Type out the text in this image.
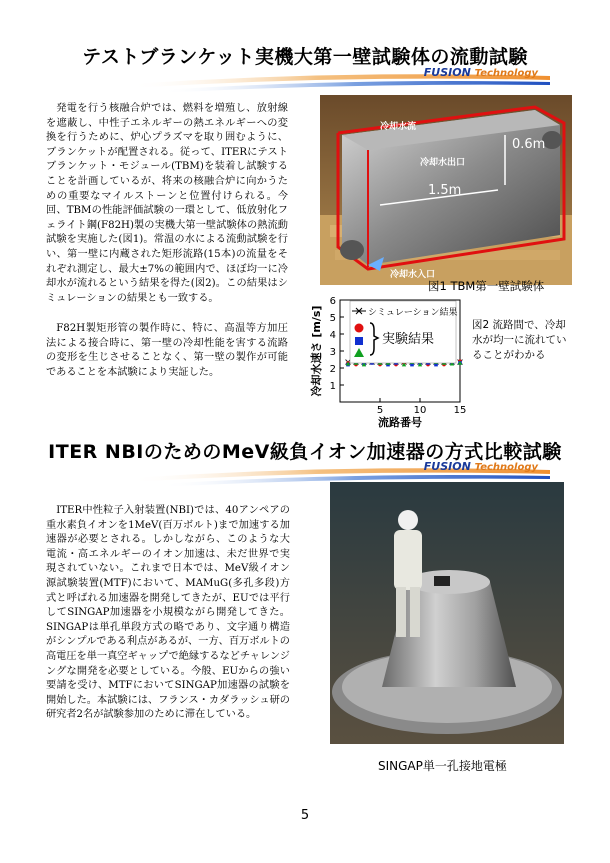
テストブランケット実機大第一壁試験体の流動試験
FUSION Technology

発電を行う核融合炉では、燃料を増殖し、放射線を遮蔽し、中性子エネルギーの熱エネルギーへの変換を行うために、炉心プラズマを取り囲むように、ブランケットが配置される。従って、ITERにテストブランケット・モジュール(TBM)を装着し試験することを計画しているが、将来の核融合炉に向かうための重要なマイルストーンと位置付けられる。今回、TBMの性能評価試験の一環として、低放射化フェライト鋼(F82H)製の実機大第一壁試験体の熱流動試験を実施した(図1)。常温の水による流動試験を行い、第一壁に内蔵された矩形流路(15本)の流量をそれぞれ測定し、最大±7%の範囲内で、ほぼ均一に冷却水が流れるという結果を得た(図2)。この結果はシミュレーションの結果とも一致する。

F82H製矩形管の製作時に、特に、高温等方加圧法による接合時に、第一壁の冷却性能を害する流路の変形を生じさせることなく、第一壁の製作が可能であることを本試験により実証した。

冷却水流
冷却水出口
冷却水入口
0.6m
1.5m
図1 TBM第一壁試験体
1
2
3
4
5
6
5	10	15
流路番号
冷却水速さ [m/s]	シミュレーション結果
実験結果
図2 流路間で、冷却水が均一に流れていることがわかる
ITER NBIのためのMeV級負イオン加速器の方式比較試験
FUSION Technology

ITER中性粒子入射装置(NBI)では、40アンペアの重水素負イオンを1MeV(百万ボルト)まで加速する加速器が必要とされる。しかしながら、このような大電流・高エネルギーのイオン加速は、未だ世界で実現されていない。これまで日本では、MeV級イオン源試験装置(MTF)において、MAMuG(多孔多段)方式と呼ばれる加速器を開発してきたが、EUでは平行してSINGAP加速器を小規模ながら開発してきた。SINGAPは単孔単段方式の略であり、文字通り構造がシンプルである利点があるが、一方、百万ボルトの高電圧を単一真空ギャップで絶縁するなどチャレンジングな開発を必要としている。今般、EUからの強い要請を受け、MTFにおいてSINGAP加速器の試験を開始した。本試験には、フランス・カダラッシュ研の研究者2名が試験参加のために滞在している。

SINGAP単一孔接地電極
5
